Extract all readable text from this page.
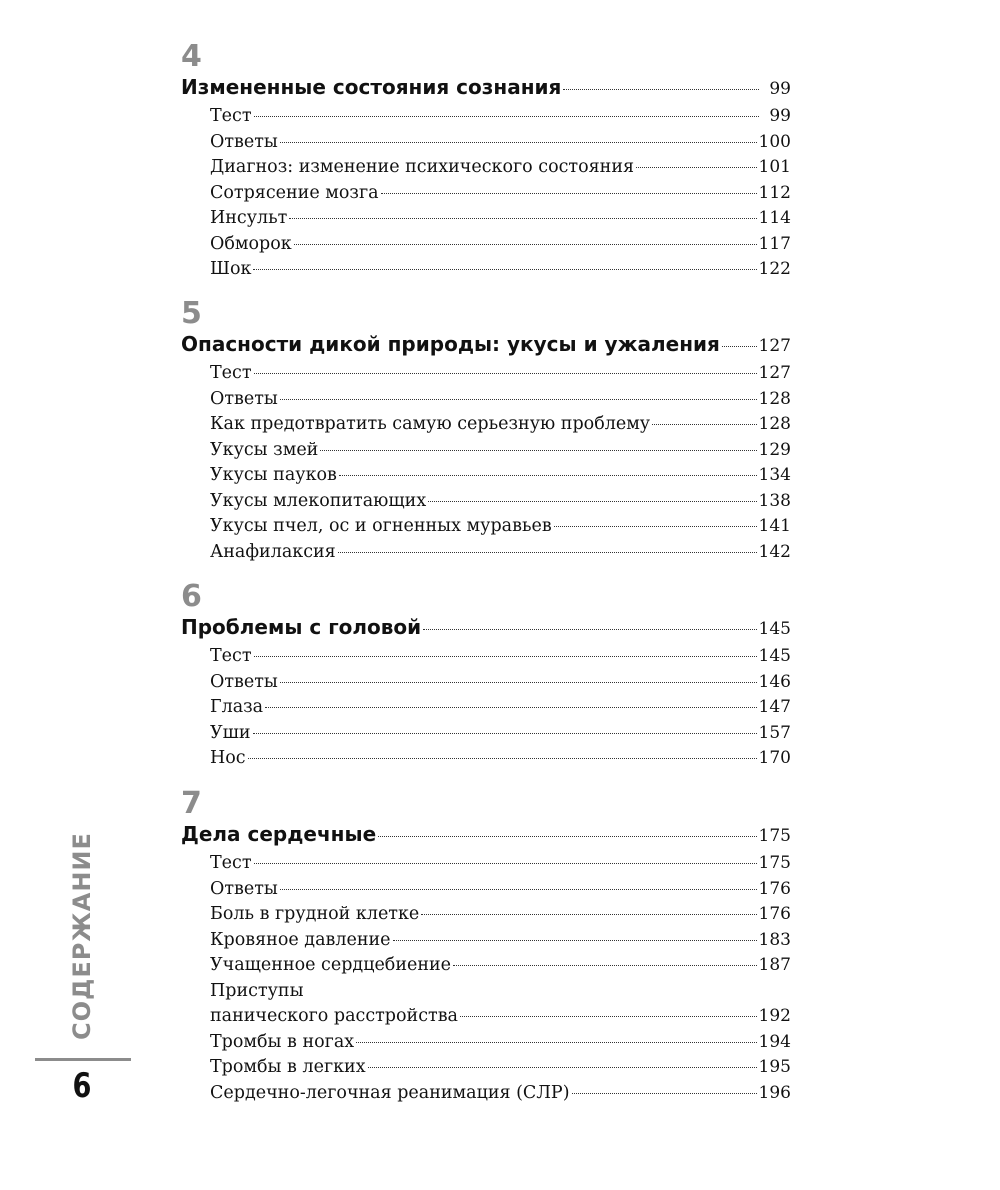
4
Измененные состояния сознания	99
Тест	99
Ответы	100
Диагноз: изменение психического состояния	101
Сотрясение мозга	112
Инсульт	114
Обморок	117
Шок	122
5
Опасности дикой природы: укусы и ужаления 127
Тест	127
Ответы	128
Как предотвратить самую серьезную проблему	128
Укусы змей	129
Укусы пауков	134
Укусы млекопитающих	138
Укусы пчел, ос и огненных муравьев	141
Анафилаксия	142
6
Проблемы с головой	145
Тест	145
Ответы	146
Глаза	147
Уши	157
Нос	170
7
Дела сердечные	175
Тест	175
Ответы	176
Боль в грудной клетке	176
Кровяное давление	183
Учащенное сердцебиение	187
Приступы
панического расстройства	192
Тромбы в ногах	194
Тромбы в легких	195
Сердечно-легочная реанимация (СЛР)	196
СОДЕРЖАНИЕ
6
